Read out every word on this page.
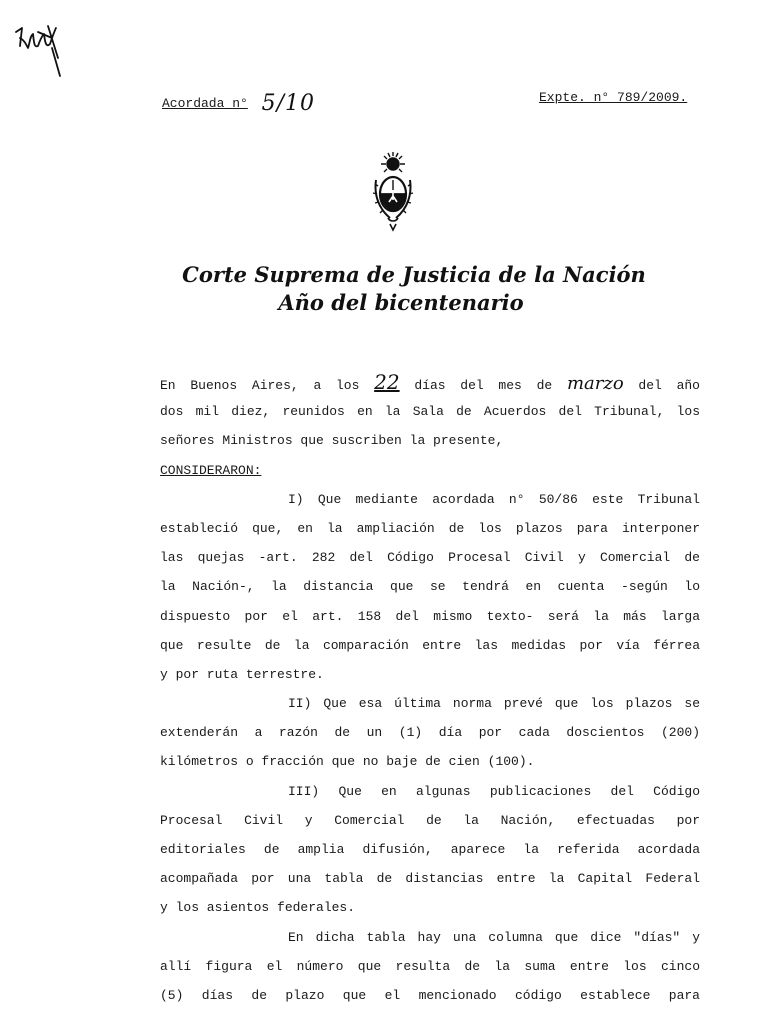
Acordada n° 5/10	Expte. n° 789/2009.
Corte Suprema de Justicia de la Nación
Año del bicentenario
En Buenos Aires, a los 22 días del mes de marzo del año
dos mil diez, reunidos en la Sala de Acuerdos del Tribunal, los
señores Ministros que suscriben la presente,
CONSIDERARON:
I) Que mediante acordada n° 50/86 este Tribunal
estableció que, en la ampliación de los plazos para interponer
las quejas -art. 282 del Código Procesal Civil y Comercial de
la Nación-, la distancia que se tendrá en cuenta -según lo
dispuesto por el art. 158 del mismo texto- será la más larga
que resulte de la comparación entre las medidas por vía férrea
y por ruta terrestre.
II) Que esa última norma prevé que los plazos se
extenderán a razón de un (1) día por cada doscientos (200)
kilómetros o fracción que no baje de cien (100).
III) Que en algunas publicaciones del Código
Procesal Civil y Comercial de la Nación, efectuadas por
editoriales de amplia difusión, aparece la referida acordada
acompañada por una tabla de distancias entre la Capital Federal
y los asientos federales.
En dicha tabla hay una columna que dice "días" y
allí figura el número que resulta de la suma entre los cinco
(5) días de plazo que el mencionado código establece para
